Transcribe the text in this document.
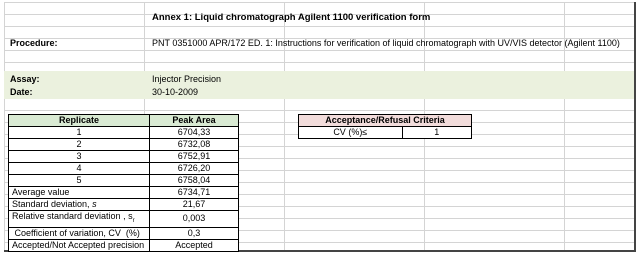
Annex 1: Liquid chromatograph Agilent 1100 verification form
Procedure:	PNT 0351000 APR/172 ED. 1: Instructions for verification of liquid chromatograph with UV/VIS detector (Agilent 1100)
Assay:	Injector Precision
Date:	30-10-2009
Replicate	Peak Area
1	6704,33
2	6732,08
3	6752,91
4	6726,20
5	6758,04
Average value	6734,71
Standard deviation, s	21,67
Relative standard deviation , $s_r$	0,003
Coefficient of variation, CV  (%)	0,3
Accepted/Not Accepted precision	Accepted
Acceptance/Refusal Criteria
CV (%)≤	1
